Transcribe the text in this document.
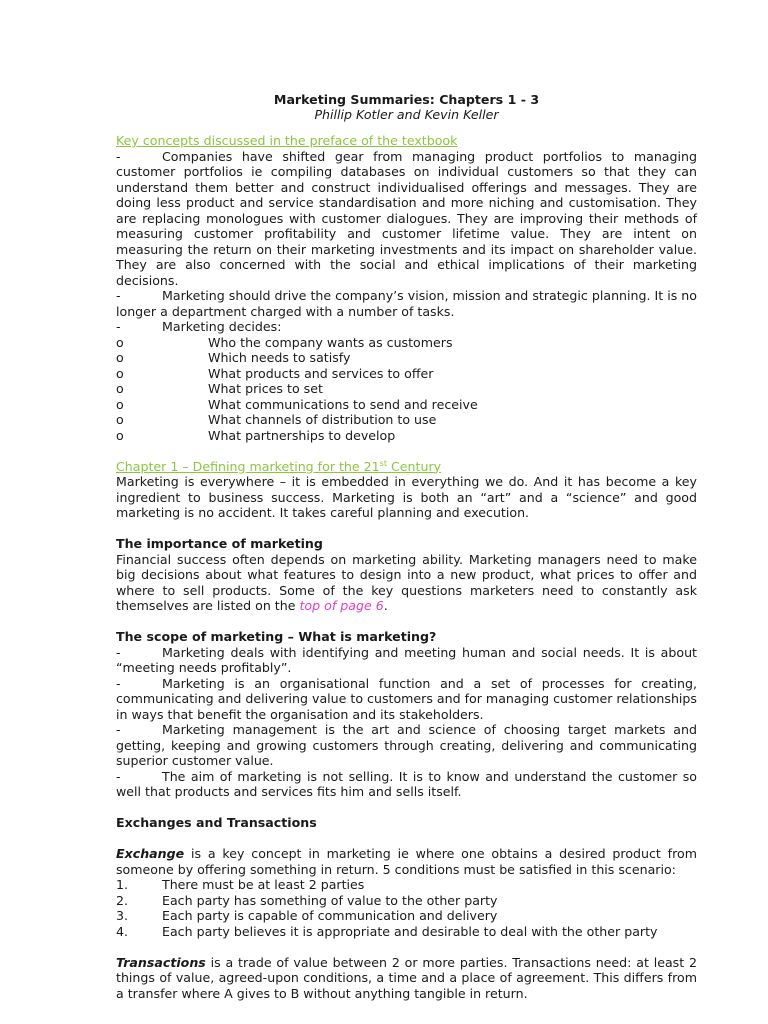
Marketing Summaries: Chapters 1 - 3
Phillip Kotler and Kevin Keller
Key concepts discussed in the preface of the textbook
-	Companies have shifted gear from managing product portfolios to managing customer portfolios ie compiling databases on individual customers so that they can understand them better and construct individualised offerings and messages. They are doing less product and service standardisation and more niching and customisation. They are replacing monologues with customer dialogues. They are improving their methods of measuring customer profitability and customer lifetime value. They are intent on measuring the return on their marketing investments and its impact on shareholder value. They are also concerned with the social and ethical implications of their marketing decisions.
-	Marketing should drive the company’s vision, mission and strategic planning. It is no longer a department charged with a number of tasks.
-	Marketing decides:
o	Who the company wants as customers
o	Which needs to satisfy
o	What products and services to offer
o	What prices to set
o	What communications to send and receive
o	What channels of distribution to use
o	What partnerships to develop
Chapter 1 – Defining marketing for the 21st Century

Marketing is everywhere – it is embedded in everything we do. And it has become a key ingredient to business success. Marketing is both an “art” and a “science” and good marketing is no accident. It takes careful planning and execution.

The importance of marketing

Financial success often depends on marketing ability. Marketing managers need to make big decisions about what features to design into a new product, what prices to offer and where to sell products. Some of the key questions marketers need to constantly ask themselves are listed on the top of page 6.

The scope of marketing – What is marketing?
-	Marketing deals with identifying and meeting human and social needs. It is about “meeting needs profitably”.
-	Marketing is an organisational function and a set of processes for creating, communicating and delivering value to customers and for managing customer relationships in ways that benefit the organisation and its stakeholders.
-	Marketing management is the art and science of choosing target markets and getting, keeping and growing customers through creating, delivering and communicating superior customer value.
-	The aim of marketing is not selling. It is to know and understand the customer so well that products and services fits him and sells itself.
Exchanges and Transactions

Exchange is a key concept in marketing ie where one obtains a desired product from someone by offering something in return. 5 conditions must be satisfied in this scenario:

1.	There must be at least 2 parties
2.	Each party has something of value to the other party
3.	Each party is capable of communication and delivery
4.	Each party believes it is appropriate and desirable to deal with the other party

Transactions is a trade of value between 2 or more parties. Transactions need: at least 2 things of value, agreed-upon conditions, a time and a place of agreement. This differs from a transfer where A gives to B without anything tangible in return.
